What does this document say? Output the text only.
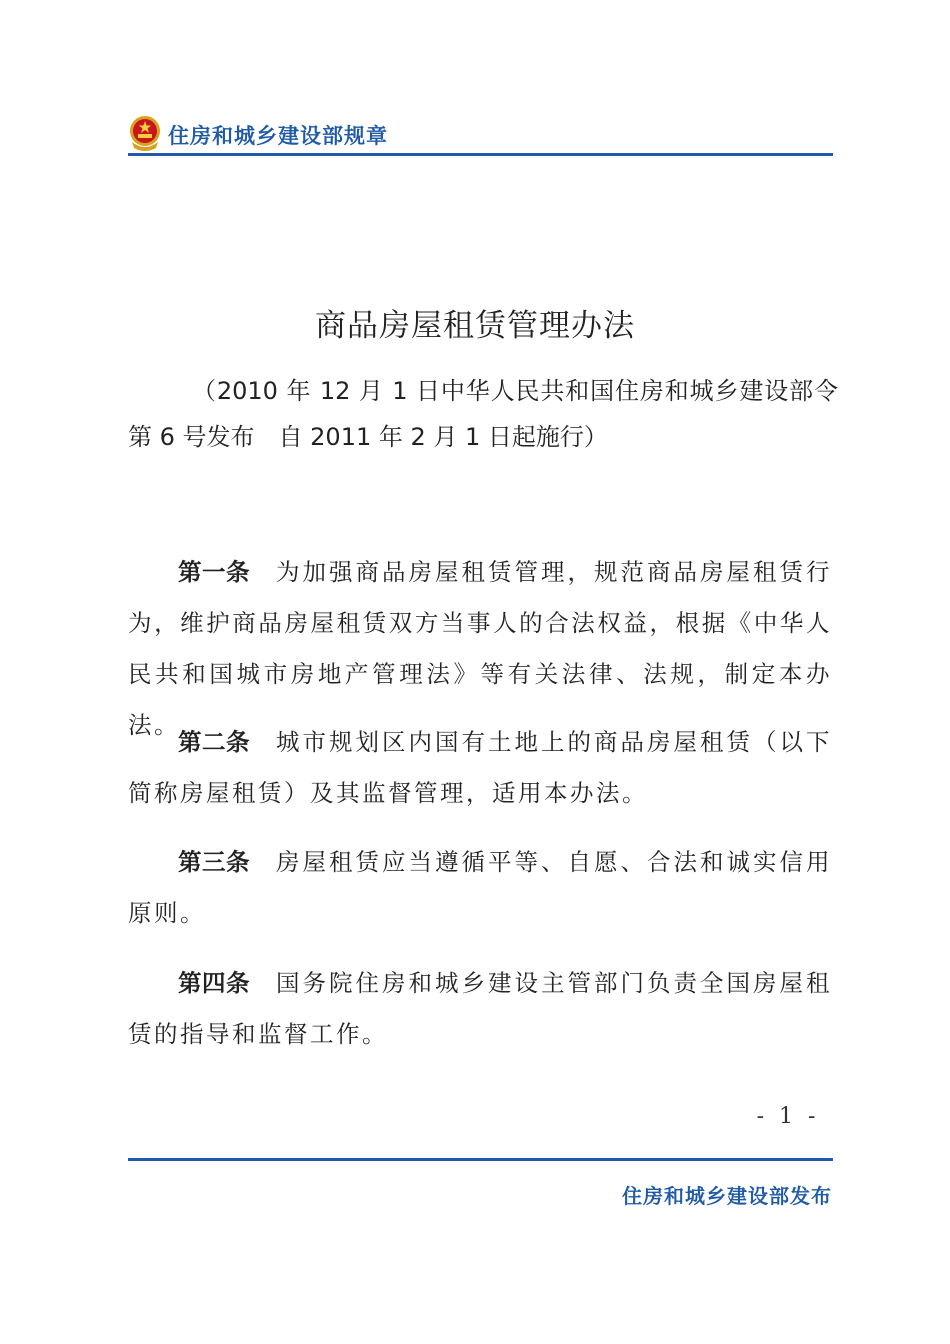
住房和城乡建设部规章
商品房屋租赁管理办法
（2010 年 12 月 1 日中华人民共和国住房和城乡建设部令第 6 号发布　自 2011 年 2 月 1 日起施行）
第一条 为加强商品房屋租赁管理，规范商品房屋租赁行为，维护商品房屋租赁双方当事人的合法权益，根据《中华人民共和国城市房地产管理法》等有关法律、法规，制定本办法。
第二条 城市规划区内国有土地上的商品房屋租赁（以下简称房屋租赁）及其监督管理，适用本办法。
第三条 房屋租赁应当遵循平等、自愿、合法和诚实信用原则。
第四条 国务院住房和城乡建设主管部门负责全国房屋租赁的指导和监督工作。
- 1 -
住房和城乡建设部发布
